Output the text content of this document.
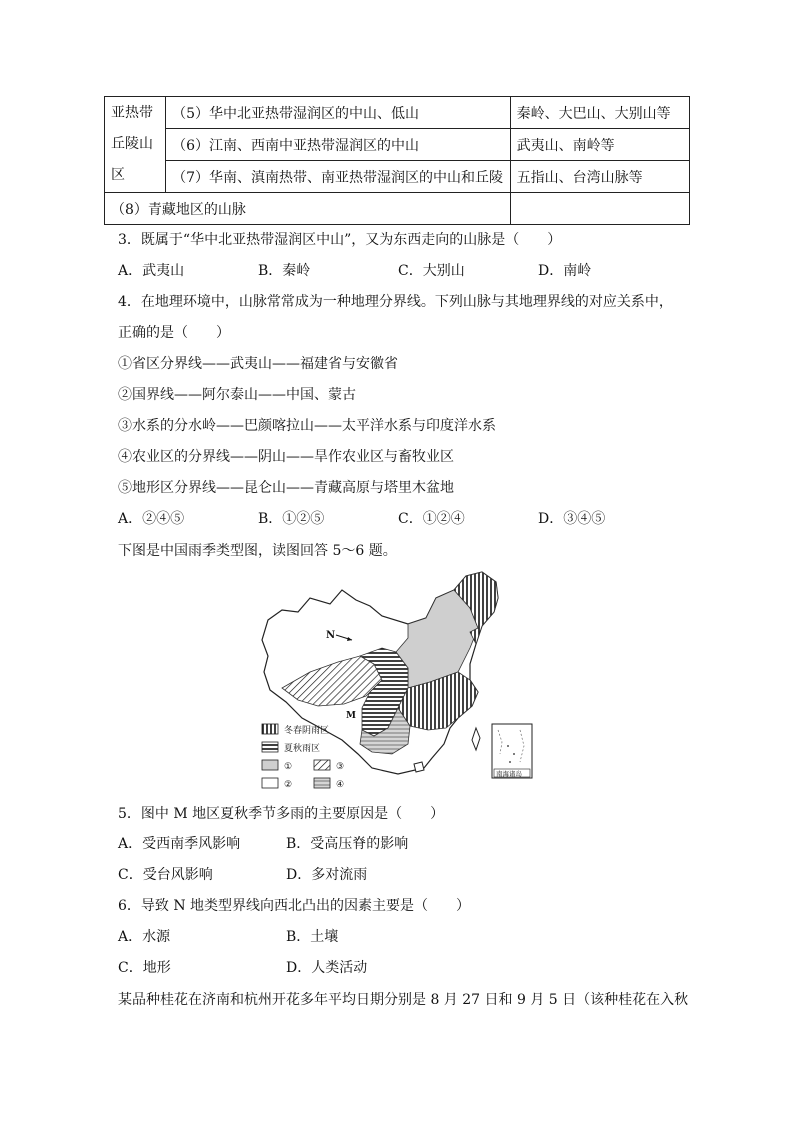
亚热带
丘陵山
区	（5）华中北亚热带湿润区的中山、低山	秦岭、大巴山、大别山等
	（6）江南、西南中亚热带湿润区的中山	武夷山、南岭等
	（7）华南、滇南热带、南亚热带湿润区的中山和丘陵	五指山、台湾山脉等
（8）青藏地区的山脉		
3．既属于“华中北亚热带湿润区中山”，又为东西走向的山脉是（　　）
A．武夷山	B．秦岭	C．大别山	D．南岭
4．在地理环境中，山脉常常成为一种地理分界线。下列山脉与其地理界线的对应关系中，
正确的是（　　）
①省区分界线——武夷山——福建省与安徽省
②国界线——阿尔泰山——中国、蒙古
③水系的分水岭——巴颜喀拉山——太平洋水系与印度洋水系
④农业区的分界线——阴山——旱作农业区与畜牧业区
⑤地形区分界线——昆仑山——青藏高原与塔里木盆地
A．②④⑤	B．①②⑤	C．①②④	D．③④⑤
下图是中国雨季类型图，读图回答 5～6 题。
N
M
冬春阴雨区
夏秋雨区
①	③
②	④
南海诸岛
5．图中 M 地区夏秋季节多雨的主要原因是（　　）
A．受西南季风影响	B．受高压脊的影响
C．受台风影响	D．多对流雨
6．导致 N 地类型界线向西北凸出的因素主要是（　　）
A．水源	B．土壤
C．地形	D．人类活动
某品种桂花在济南和杭州开花多年平均日期分别是 8 月 27 日和 9 月 5 日（该种桂花在入秋
